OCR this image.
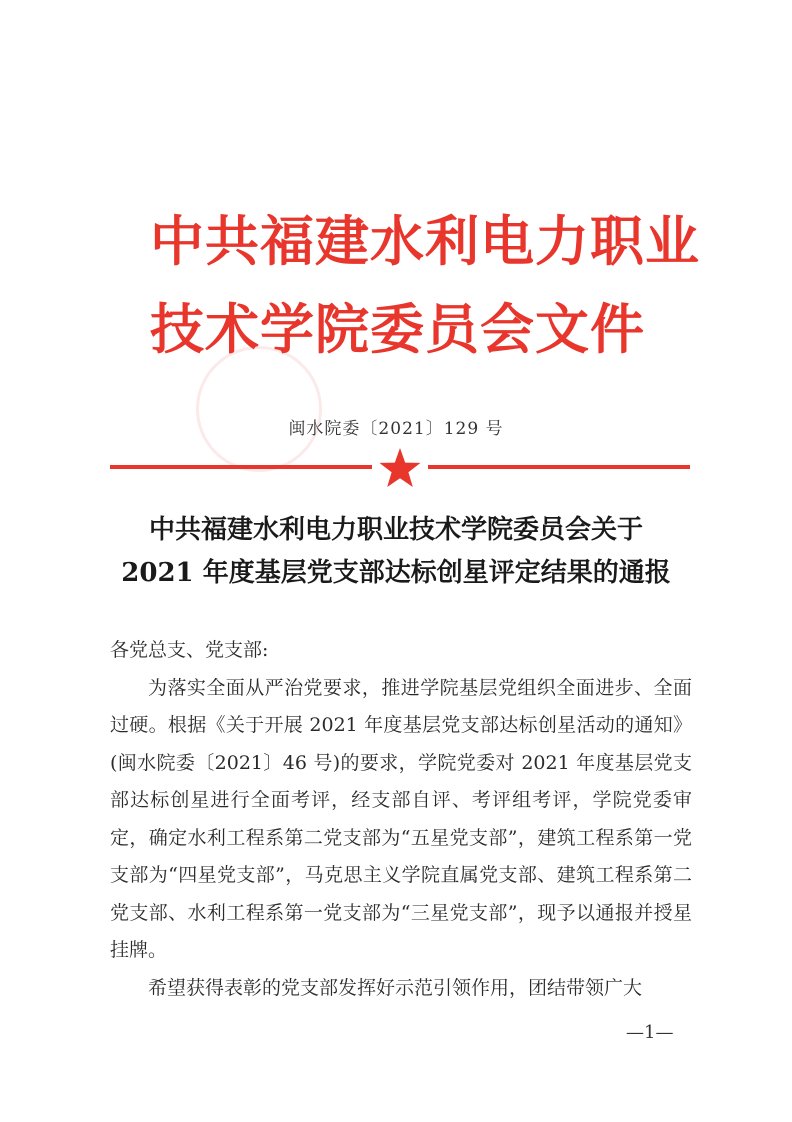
中共福建水利电力职业
技术学院委员会文件
闽水院委〔2021〕129 号
中共福建水利电力职业技术学院委员会关于
2021 年度基层党支部达标创星评定结果的通报

各党总支、党支部:

为落实全面从严治党要求，推进学院基层党组织全面进步、全面过硬。根据《关于开展 2021 年度基层党支部达标创星活动的通知》(闽水院委〔2021〕46 号)的要求，学院党委对 2021 年度基层党支部达标创星进行全面考评，经支部自评、考评组考评，学院党委审定，确定水利工程系第二党支部为“五星党支部”，建筑工程系第一党支部为“四星党支部”，马克思主义学院直属党支部、建筑工程系第二党支部、水利工程系第一党支部为“三星党支部”，现予以通报并授星挂牌。

希望获得表彰的党支部发挥好示范引领作用，团结带领广大

—1—
